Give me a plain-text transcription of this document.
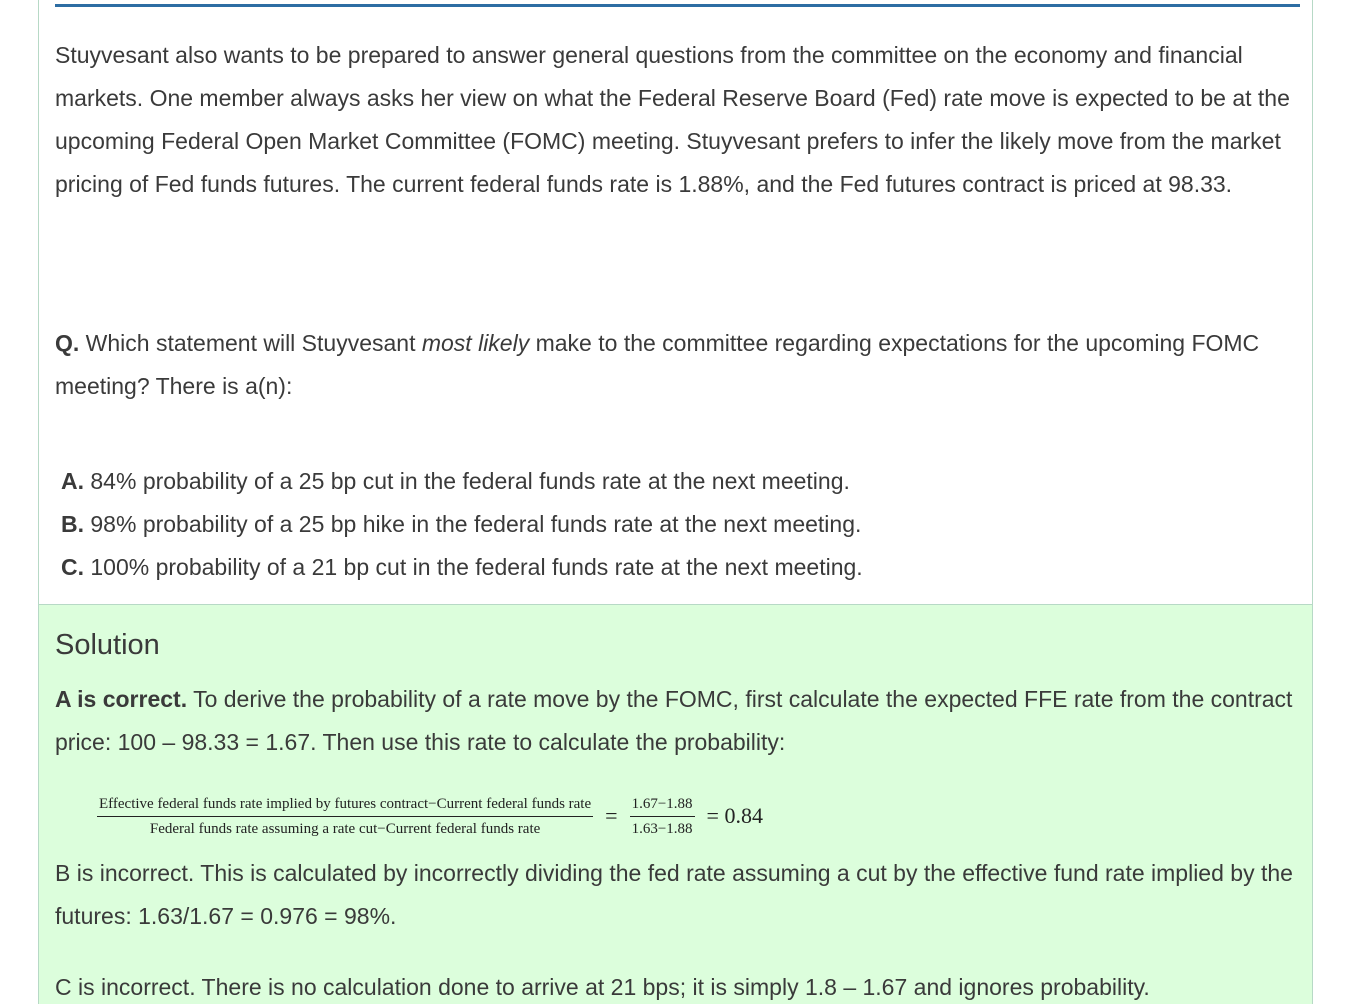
Stuyvesant also wants to be prepared to answer general questions from the committee on the economy and financial markets. One member always asks her view on what the Federal Reserve Board (Fed) rate move is expected to be at the upcoming Federal Open Market Committee (FOMC) meeting. Stuyvesant prefers to infer the likely move from the market pricing of Fed funds futures. The current federal funds rate is 1.88%, and the Fed futures contract is priced at 98.33.

Q. Which statement will Stuyvesant most likely make to the committee regarding expectations for the upcoming FOMC meeting? There is a(n):

A. 84% probability of a 25 bp cut in the federal funds rate at the next meeting.
B. 98% probability of a 25 bp hike in the federal funds rate at the next meeting.
C. 100% probability of a 21 bp cut in the federal funds rate at the next meeting.
Solution

A is correct. To derive the probability of a rate move by the FOMC, first calculate the expected FFE rate from the contract price: 100 – 98.33 = 1.67. Then use this rate to calculate the probability:

Effective federal funds rate implied by futures contract−Current federal funds rate
Federal funds rate assuming a rate cut−Current federal funds rate
= $\frac{1.67-1.88}{1.63-1.88} = 0.84$

B is incorrect. This is calculated by incorrectly dividing the fed rate assuming a cut by the effective fund rate implied by the futures: 1.63/1.67 = 0.976 = 98%.

C is incorrect. There is no calculation done to arrive at 21 bps; it is simply 1.8 – 1.67 and ignores probability.
